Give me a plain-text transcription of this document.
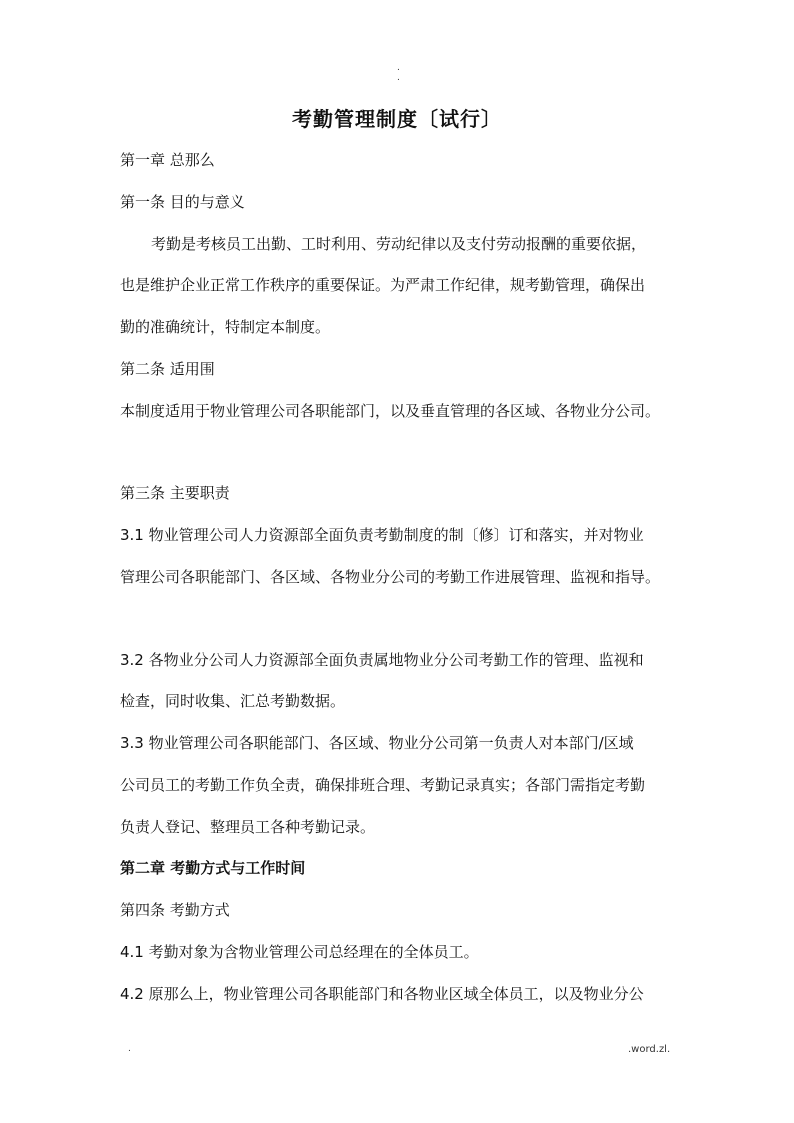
.
.
考勤管理制度〔试行〕
第一章 总那么
第一条 目的与意义
考勤是考核员工出勤、工时利用、劳动纪律以及支付劳动报酬的重要依据，
也是维护企业正常工作秩序的重要保证。为严肃工作纪律，规考勤管理，确保出
勤的准确统计，特制定本制度。
第二条 适用围
本制度适用于物业管理公司各职能部门，以及垂直管理的各区域、各物业分公司。
第三条 主要职责
3.1 物业管理公司人力资源部全面负责考勤制度的制〔修〕订和落实，并对物业
管理公司各职能部门、各区域、各物业分公司的考勤工作进展管理、监视和指导。
3.2 各物业分公司人力资源部全面负责属地物业分公司考勤工作的管理、监视和
检查，同时收集、汇总考勤数据。
3.3 物业管理公司各职能部门、各区域、物业分公司第一负责人对本部门/区域
公司员工的考勤工作负全责，确保排班合理、考勤记录真实；各部门需指定考勤
负责人登记、整理员工各种考勤记录。
第二章 考勤方式与工作时间
第四条 考勤方式
4.1 考勤对象为含物业管理公司总经理在的全体员工。
4.2 原那么上，物业管理公司各职能部门和各物业区域全体员工，以及物业分公
.	.word.zl.
